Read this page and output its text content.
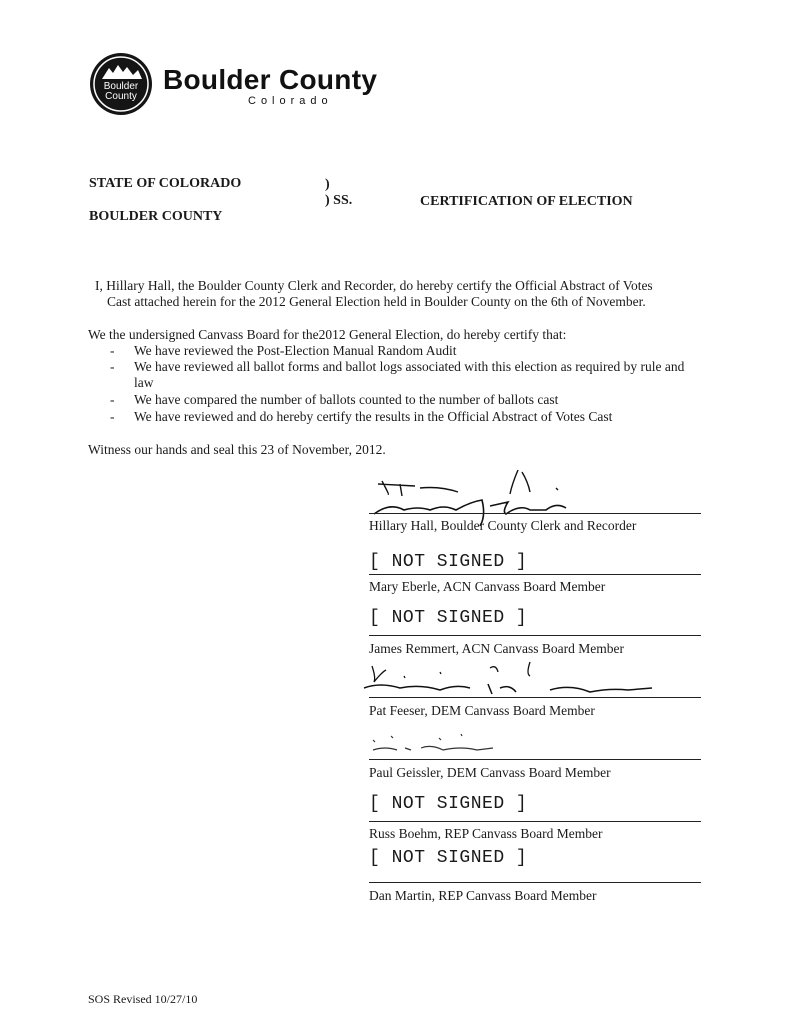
Boulder
County
Boulder County
Colorado
STATE OF COLORADO
BOULDER COUNTY
)
) SS.	CERTIFICATION OF ELECTION
I, Hillary Hall, the Boulder County Clerk and Recorder, do hereby certify the Official Abstract of Votes
Cast attached herein for the 2012 General Election held in Boulder County on the 6th of November.
We the undersigned Canvass Board for the2012 General Election, do hereby certify that:
- We have reviewed the Post-Election Manual Random Audit
- We have reviewed all ballot forms and ballot logs associated with this election as required by rule and law
- We have compared the number of ballots counted to the number of ballots cast
- We have reviewed and do hereby certify the results in the Official Abstract of Votes Cast
Witness our hands and seal this 23 of November, 2012.
Hillary Hall, Boulder County Clerk and Recorder
[ NOT SIGNED ]
Mary Eberle, ACN Canvass Board Member
[ NOT SIGNED ]
James Remmert, ACN Canvass Board Member
Pat Feeser, DEM Canvass Board Member
Paul Geissler, DEM Canvass Board Member
[ NOT SIGNED ]
Russ Boehm, REP Canvass Board Member
[ NOT SIGNED ]
Dan Martin, REP Canvass Board Member
SOS Revised 10/27/10
